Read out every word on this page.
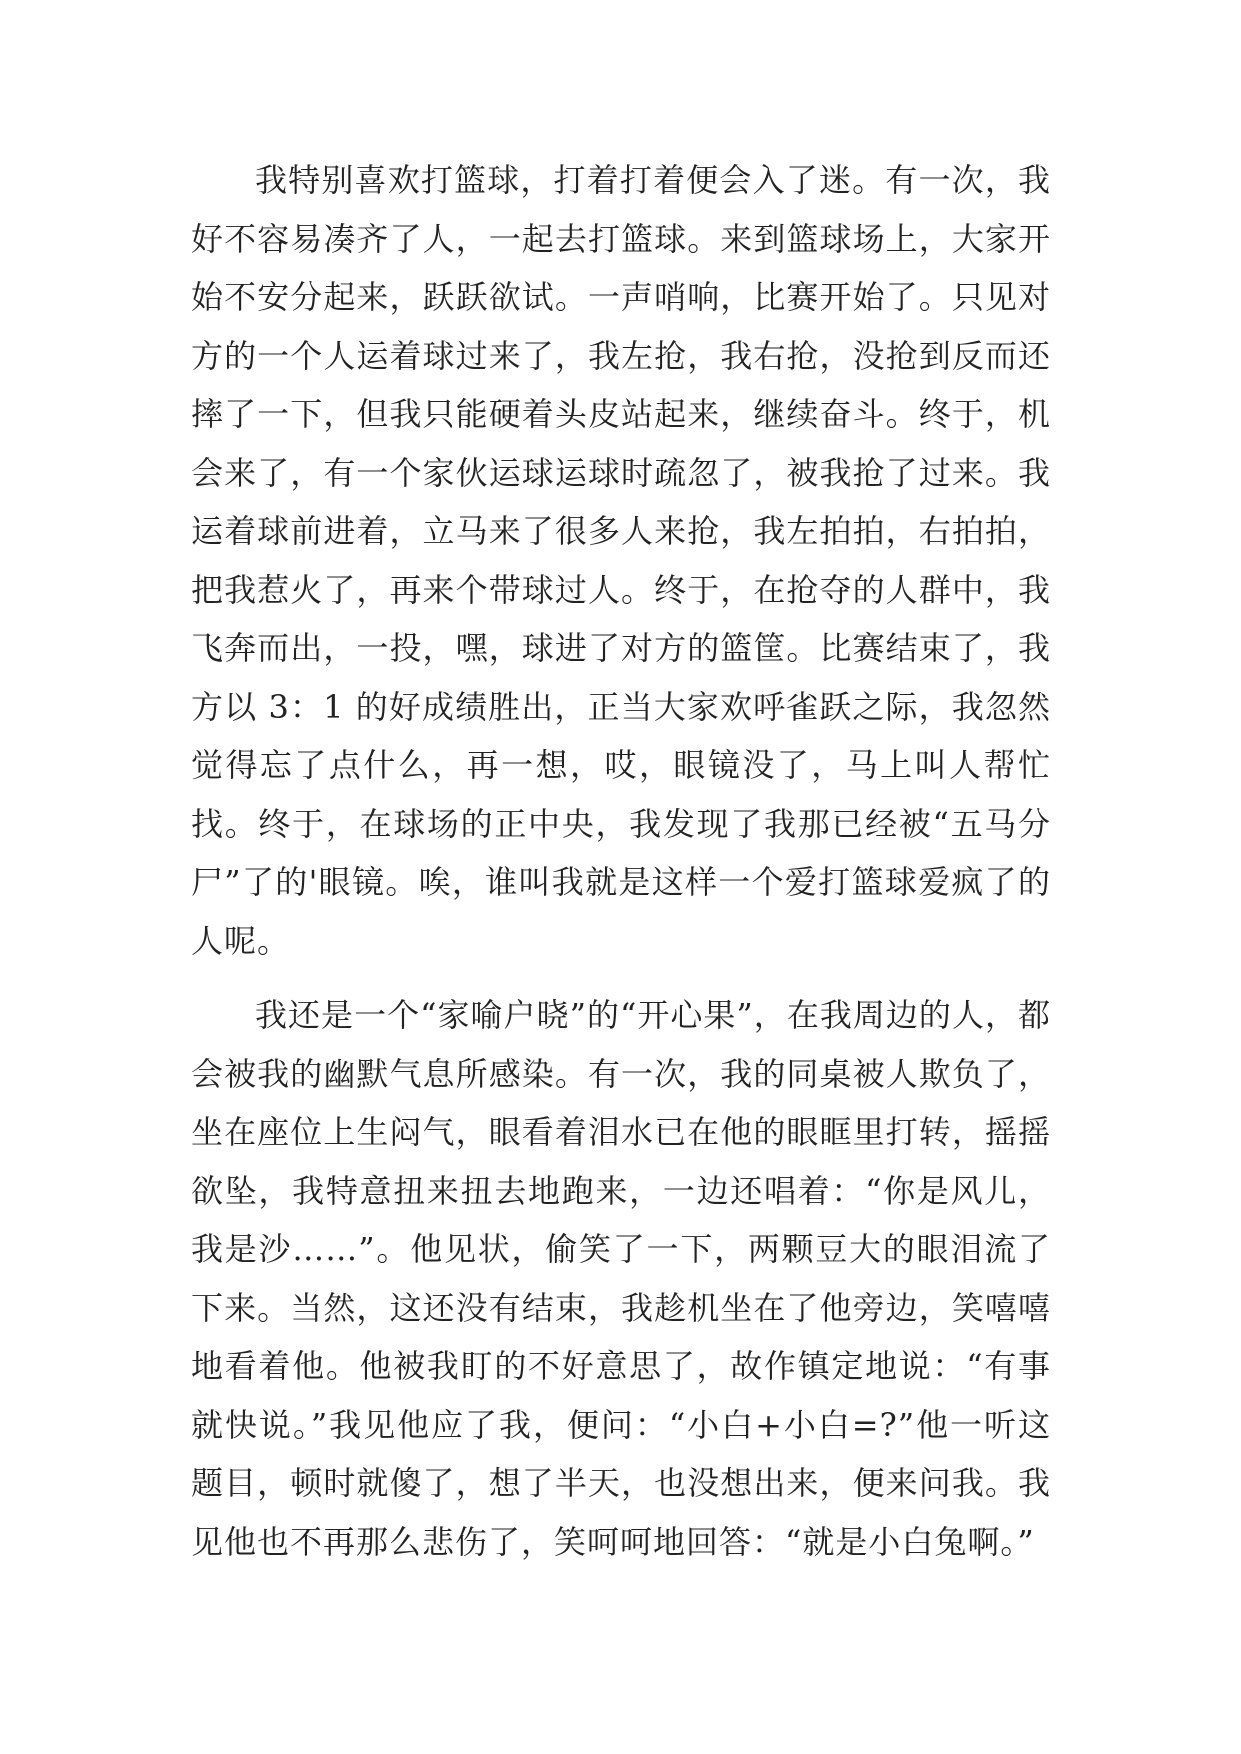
我特别喜欢打篮球，打着打着便会入了迷。有一次，我好不容易凑齐了人，一起去打篮球。来到篮球场上，大家开始不安分起来，跃跃欲试。一声哨响，比赛开始了。只见对方的一个人运着球过来了，我左抢，我右抢，没抢到反而还摔了一下，但我只能硬着头皮站起来，继续奋斗。终于，机会来了，有一个家伙运球运球时疏忽了，被我抢了过来。我运着球前进着，立马来了很多人来抢，我左拍拍，右拍拍，把我惹火了，再来个带球过人。终于，在抢夺的人群中，我飞奔而出，一投，嘿，球进了对方的篮筐。比赛结束了，我方以 3：1 的好成绩胜出，正当大家欢呼雀跃之际，我忽然觉得忘了点什么，再一想，哎，眼镜没了，马上叫人帮忙找。终于，在球场的正中央，我发现了我那已经被“五马分尸”了的'眼镜。唉，谁叫我就是这样一个爱打篮球爱疯了的人呢。

我还是一个“家喻户晓”的“开心果”，在我周边的人，都会被我的幽默气息所感染。有一次，我的同桌被人欺负了，坐在座位上生闷气，眼看着泪水已在他的眼眶里打转，摇摇欲坠，我特意扭来扭去地跑来，一边还唱着：“你是风儿，我是沙……”。他见状，偷笑了一下，两颗豆大的眼泪流了下来。当然，这还没有结束，我趁机坐在了他旁边，笑嘻嘻地看着他。他被我盯的不好意思了，故作镇定地说：“有事就快说。”我见他应了我，便问：“小白+小白=?”他一听这题目，顿时就傻了，想了半天，也没想出来，便来问我。我见他也不再那么悲伤了，笑呵呵地回答：“就是小白兔啊。”
